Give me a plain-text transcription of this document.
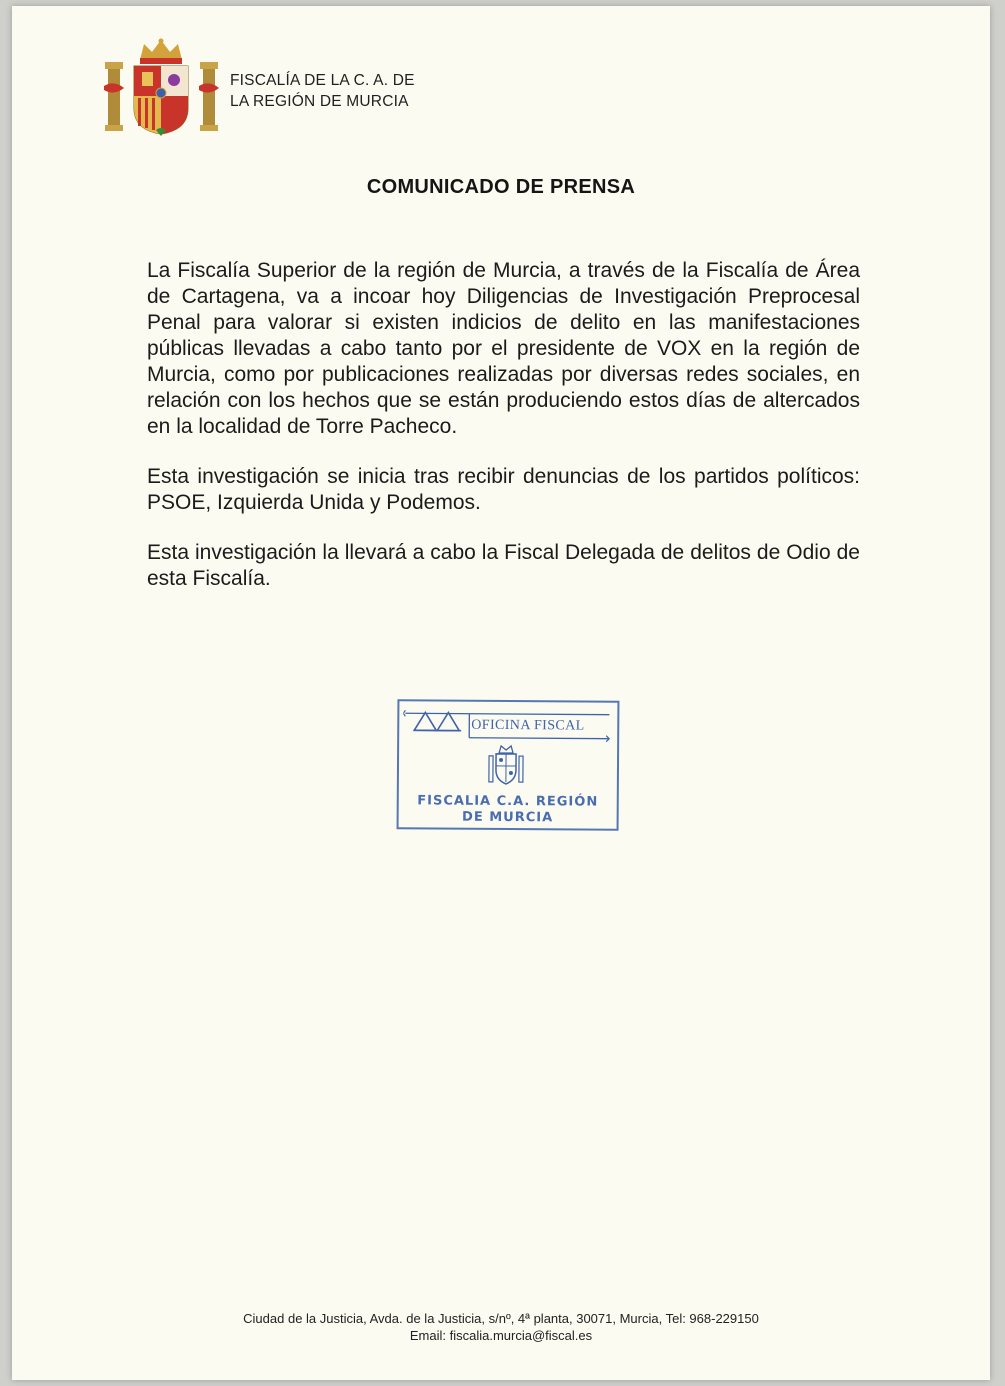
FISCALÍA DE LA C. A. DE
LA REGIÓN DE MURCIA
COMUNICADO DE PRENSA

La Fiscalía Superior de la región de Murcia, a través de la Fiscalía de Área de Cartagena, va a incoar hoy Diligencias de Investigación Preprocesal Penal para valorar si existen indicios de delito en las manifestaciones públicas llevadas a cabo tanto por el presidente de VOX en la región de Murcia, como por publicaciones realizadas por diversas redes sociales, en relación con los hechos que se están produciendo estos días de altercados en la localidad de Torre Pacheco.

Esta investigación se inicia tras recibir denuncias de los partidos políticos: PSOE, Izquierda Unida y Podemos.

Esta investigación la llevará a cabo la Fiscal Delegada de delitos de Odio de esta Fiscalía.

OFICINA FISCAL
FISCALIA C.A. REGIÓN
DE MURCIA
Ciudad de la Justicia, Avda. de la Justicia, s/nº, 4ª planta, 30071, Murcia, Tel: 968-229150
Email: fiscalia.murcia@fiscal.es
